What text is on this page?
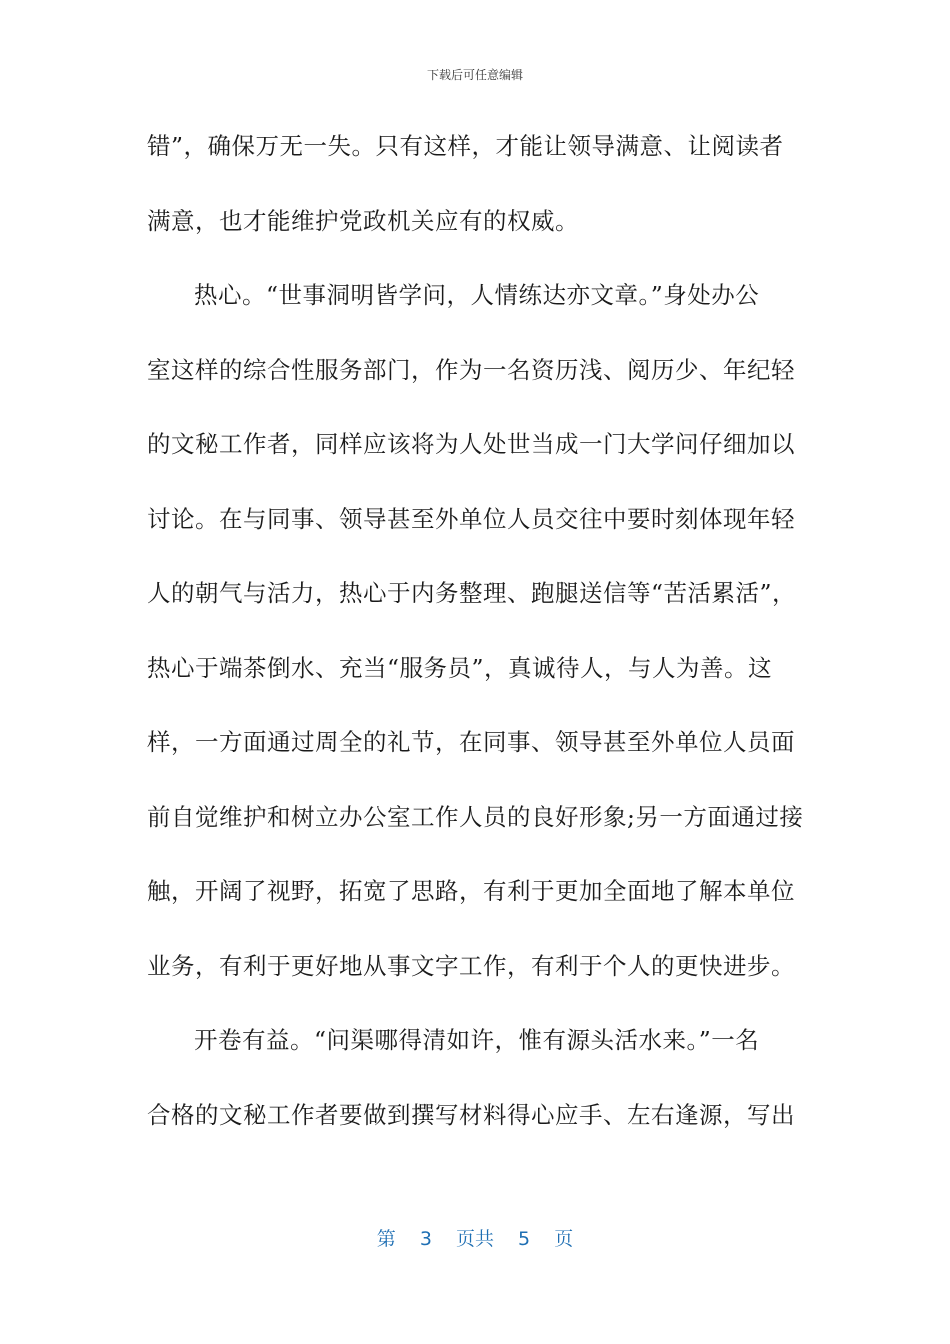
下载后可任意编辑
错”，确保万无一失。只有这样，才能让领导满意、让阅读者
满意，也才能维护党政机关应有的权威。
热心。“世事洞明皆学问，人情练达亦文章。”身处办公
室这样的综合性服务部门，作为一名资历浅、阅历少、年纪轻
的文秘工作者，同样应该将为人处世当成一门大学问仔细加以
讨论。在与同事、领导甚至外单位人员交往中要时刻体现年轻
人的朝气与活力，热心于内务整理、跑腿送信等“苦活累活”，
热心于端茶倒水、充当“服务员”，真诚待人，与人为善。这
样，一方面通过周全的礼节，在同事、领导甚至外单位人员面
前自觉维护和树立办公室工作人员的良好形象;另一方面通过接
触，开阔了视野，拓宽了思路，有利于更加全面地了解本单位
业务，有利于更好地从事文字工作，有利于个人的更快进步。
开卷有益。“问渠哪得清如许，惟有源头活水来。”一名
合格的文秘工作者要做到撰写材料得心应手、左右逢源，写出
第 3 页共 5 页
